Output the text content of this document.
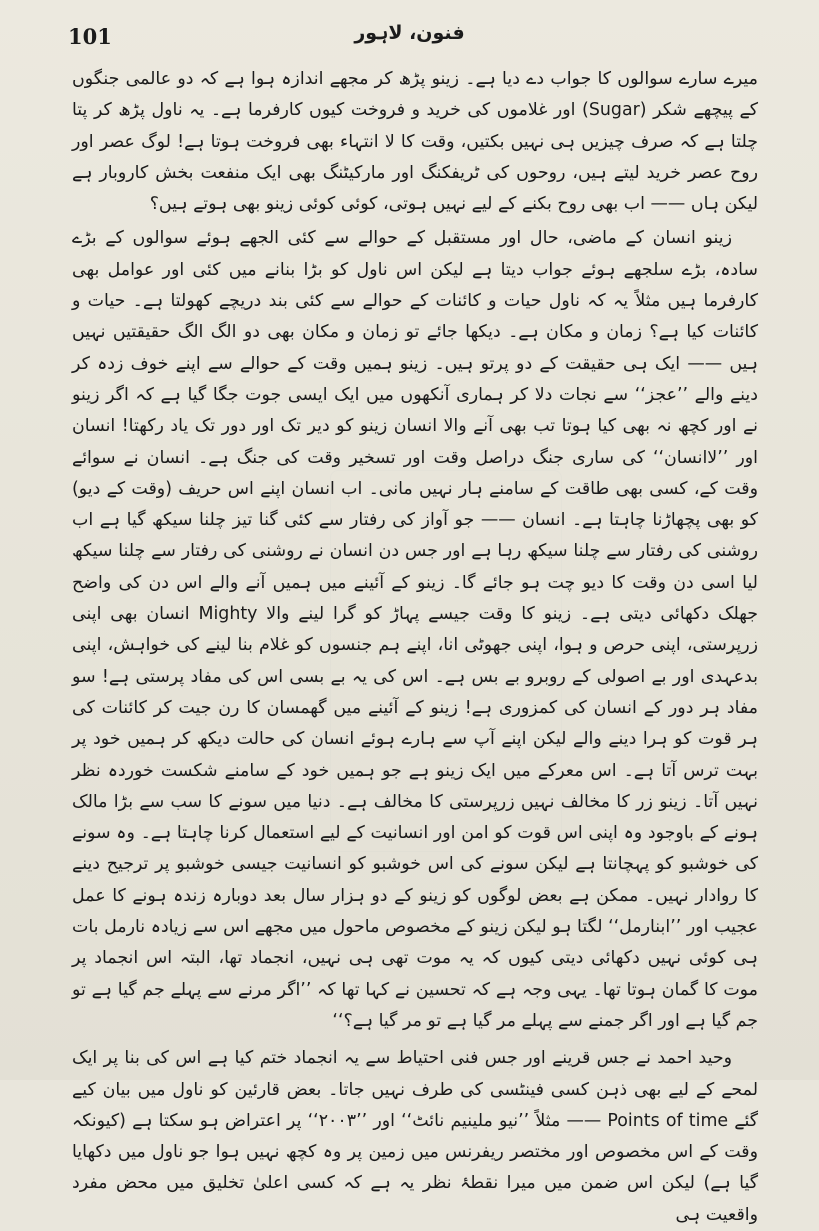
فنون، لاہور
101

میرے سارے سوالوں کا جواب دے دیا ہے۔ زینو پڑھ کر مجھے اندازہ ہوا ہے کہ دو عالمی جنگوں کے پیچھے شکر (Sugar) اور غلاموں کی خرید و فروخت کیوں کارفرما ہے۔ یہ ناول پڑھ کر پتا چلتا ہے کہ صرف چیزیں ہی نہیں بکتیں، وقت کا لا انتہاء بھی فروخت ہوتا ہے! لوگ عصر اور روح عصر خرید لیتے ہیں، روحوں کی ٹریفکنگ اور مارکیٹنگ بھی ایک منفعت بخش کاروبار ہے لیکن ہاں —— اب بھی روح بکنے کے لیے نہیں ہوتی، کوئی کوئی زینو بھی ہوتے ہیں؟

زینو انسان کے ماضی، حال اور مستقبل کے حوالے سے کئی الجھے ہوئے سوالوں کے بڑے سادہ، بڑے سلجھے ہوئے جواب دیتا ہے لیکن اس ناول کو بڑا بنانے میں کئی اور عوامل بھی کارفرما ہیں مثلاً یہ کہ ناول حیات و کائنات کے حوالے سے کئی بند دریچے کھولتا ہے۔ حیات و کائنات کیا ہے؟ زمان و مکان ہے۔ دیکھا جائے تو زمان و مکان بھی دو الگ الگ حقیقتیں نہیں ہیں —— ایک ہی حقیقت کے دو پرتو ہیں۔ زینو ہمیں وقت کے حوالے سے اپنے خوف زدہ کر دینے والے ’’عجز‘‘ سے نجات دلا کر ہماری آنکھوں میں ایک ایسی جوت جگا گیا ہے کہ اگر زینو نے اور کچھ نہ بھی کیا ہوتا تب بھی آنے والا انسان زینو کو دیر تک اور دور تک یاد رکھتا! انسان اور ’’لاانسان‘‘ کی ساری جنگ دراصل وقت اور تسخیر وقت کی جنگ ہے۔ انسان نے سوائے وقت کے، کسی بھی طاقت کے سامنے ہار نہیں مانی۔ اب انسان اپنے اس حریف (وقت کے دیو) کو بھی پچھاڑنا چاہتا ہے۔ انسان —— جو آواز کی رفتار سے کئی گنا تیز چلنا سیکھ گیا ہے اب روشنی کی رفتار سے چلنا سیکھ رہا ہے اور جس دن انسان نے روشنی کی رفتار سے چلنا سیکھ لیا اسی دن وقت کا دیو چت ہو جائے گا۔ زینو کے آئینے میں ہمیں آنے والے اس دن کی واضح جھلک دکھائی دیتی ہے۔ زینو کا وقت جیسے پہاڑ کو گرا لینے والا Mighty انسان بھی اپنی زرپرستی، اپنی حرص و ہوا، اپنی جھوٹی انا، اپنے ہم جنسوں کو غلام بنا لینے کی خواہش، اپنی بدعہدی اور بے اصولی کے روبرو بے بس ہے۔ اس کی یہ بے بسی اس کی مفاد پرستی ہے! سو مفاد ہر دور کے انسان کی کمزوری ہے! زینو کے آئینے میں گھمسان کا رن جیت کر کائنات کی ہر قوت کو ہرا دینے والے لیکن اپنے آپ سے ہارے ہوئے انسان کی حالت دیکھ کر ہمیں خود پر بہت ترس آتا ہے۔ اس معرکے میں ایک زینو ہے جو ہمیں خود کے سامنے شکست خوردہ نظر نہیں آتا۔ زینو زر کا مخالف نہیں زرپرستی کا مخالف ہے۔ دنیا میں سونے کا سب سے بڑا مالک ہونے کے باوجود وہ اپنی اس قوت کو امن اور انسانیت کے لیے استعمال کرنا چاہتا ہے۔ وہ سونے کی خوشبو کو پہچانتا ہے لیکن سونے کی اس خوشبو کو انسانیت جیسی خوشبو پر ترجیح دینے کا روادار نہیں۔ ممکن ہے بعض لوگوں کو زینو کے دو ہزار سال بعد دوبارہ زندہ ہونے کا عمل عجیب اور ’’ابنارمل‘‘ لگتا ہو لیکن زینو کے مخصوص ماحول میں مجھے اس سے زیادہ نارمل بات ہی کوئی نہیں دکھائی دیتی کیوں کہ یہ موت تھی ہی نہیں، انجماد تھا، البتہ اس انجماد پر موت کا گمان ہوتا تھا۔ یہی وجہ ہے کہ تحسین نے کہا تھا کہ ’’اگر مرنے سے پہلے جم گیا ہے تو جم گیا ہے اور اگر جمنے سے پہلے مر گیا ہے تو مر گیا ہے؟‘‘

وحید احمد نے جس قرینے اور جس فنی احتیاط سے یہ انجماد ختم کیا ہے اس کی بنا پر ایک لمحے کے لیے بھی ذہن کسی فینٹسی کی طرف نہیں جاتا۔ بعض قارئین کو ناول میں بیان کیے گئے Points of time —— مثلاً ’’نیو ملینیم نائٹ‘‘ اور ’’۲۰۰۳‘‘ پر اعتراض ہو سکتا ہے (کیونکہ وقت کے اس مخصوص اور مختصر ریفرنس میں زمین پر وہ کچھ نہیں ہوا جو ناول میں دکھایا گیا ہے) لیکن اس ضمن میں میرا نقطۂ نظر یہ ہے کہ کسی اعلیٰ تخلیق میں محض مفرد واقعیت ہی
